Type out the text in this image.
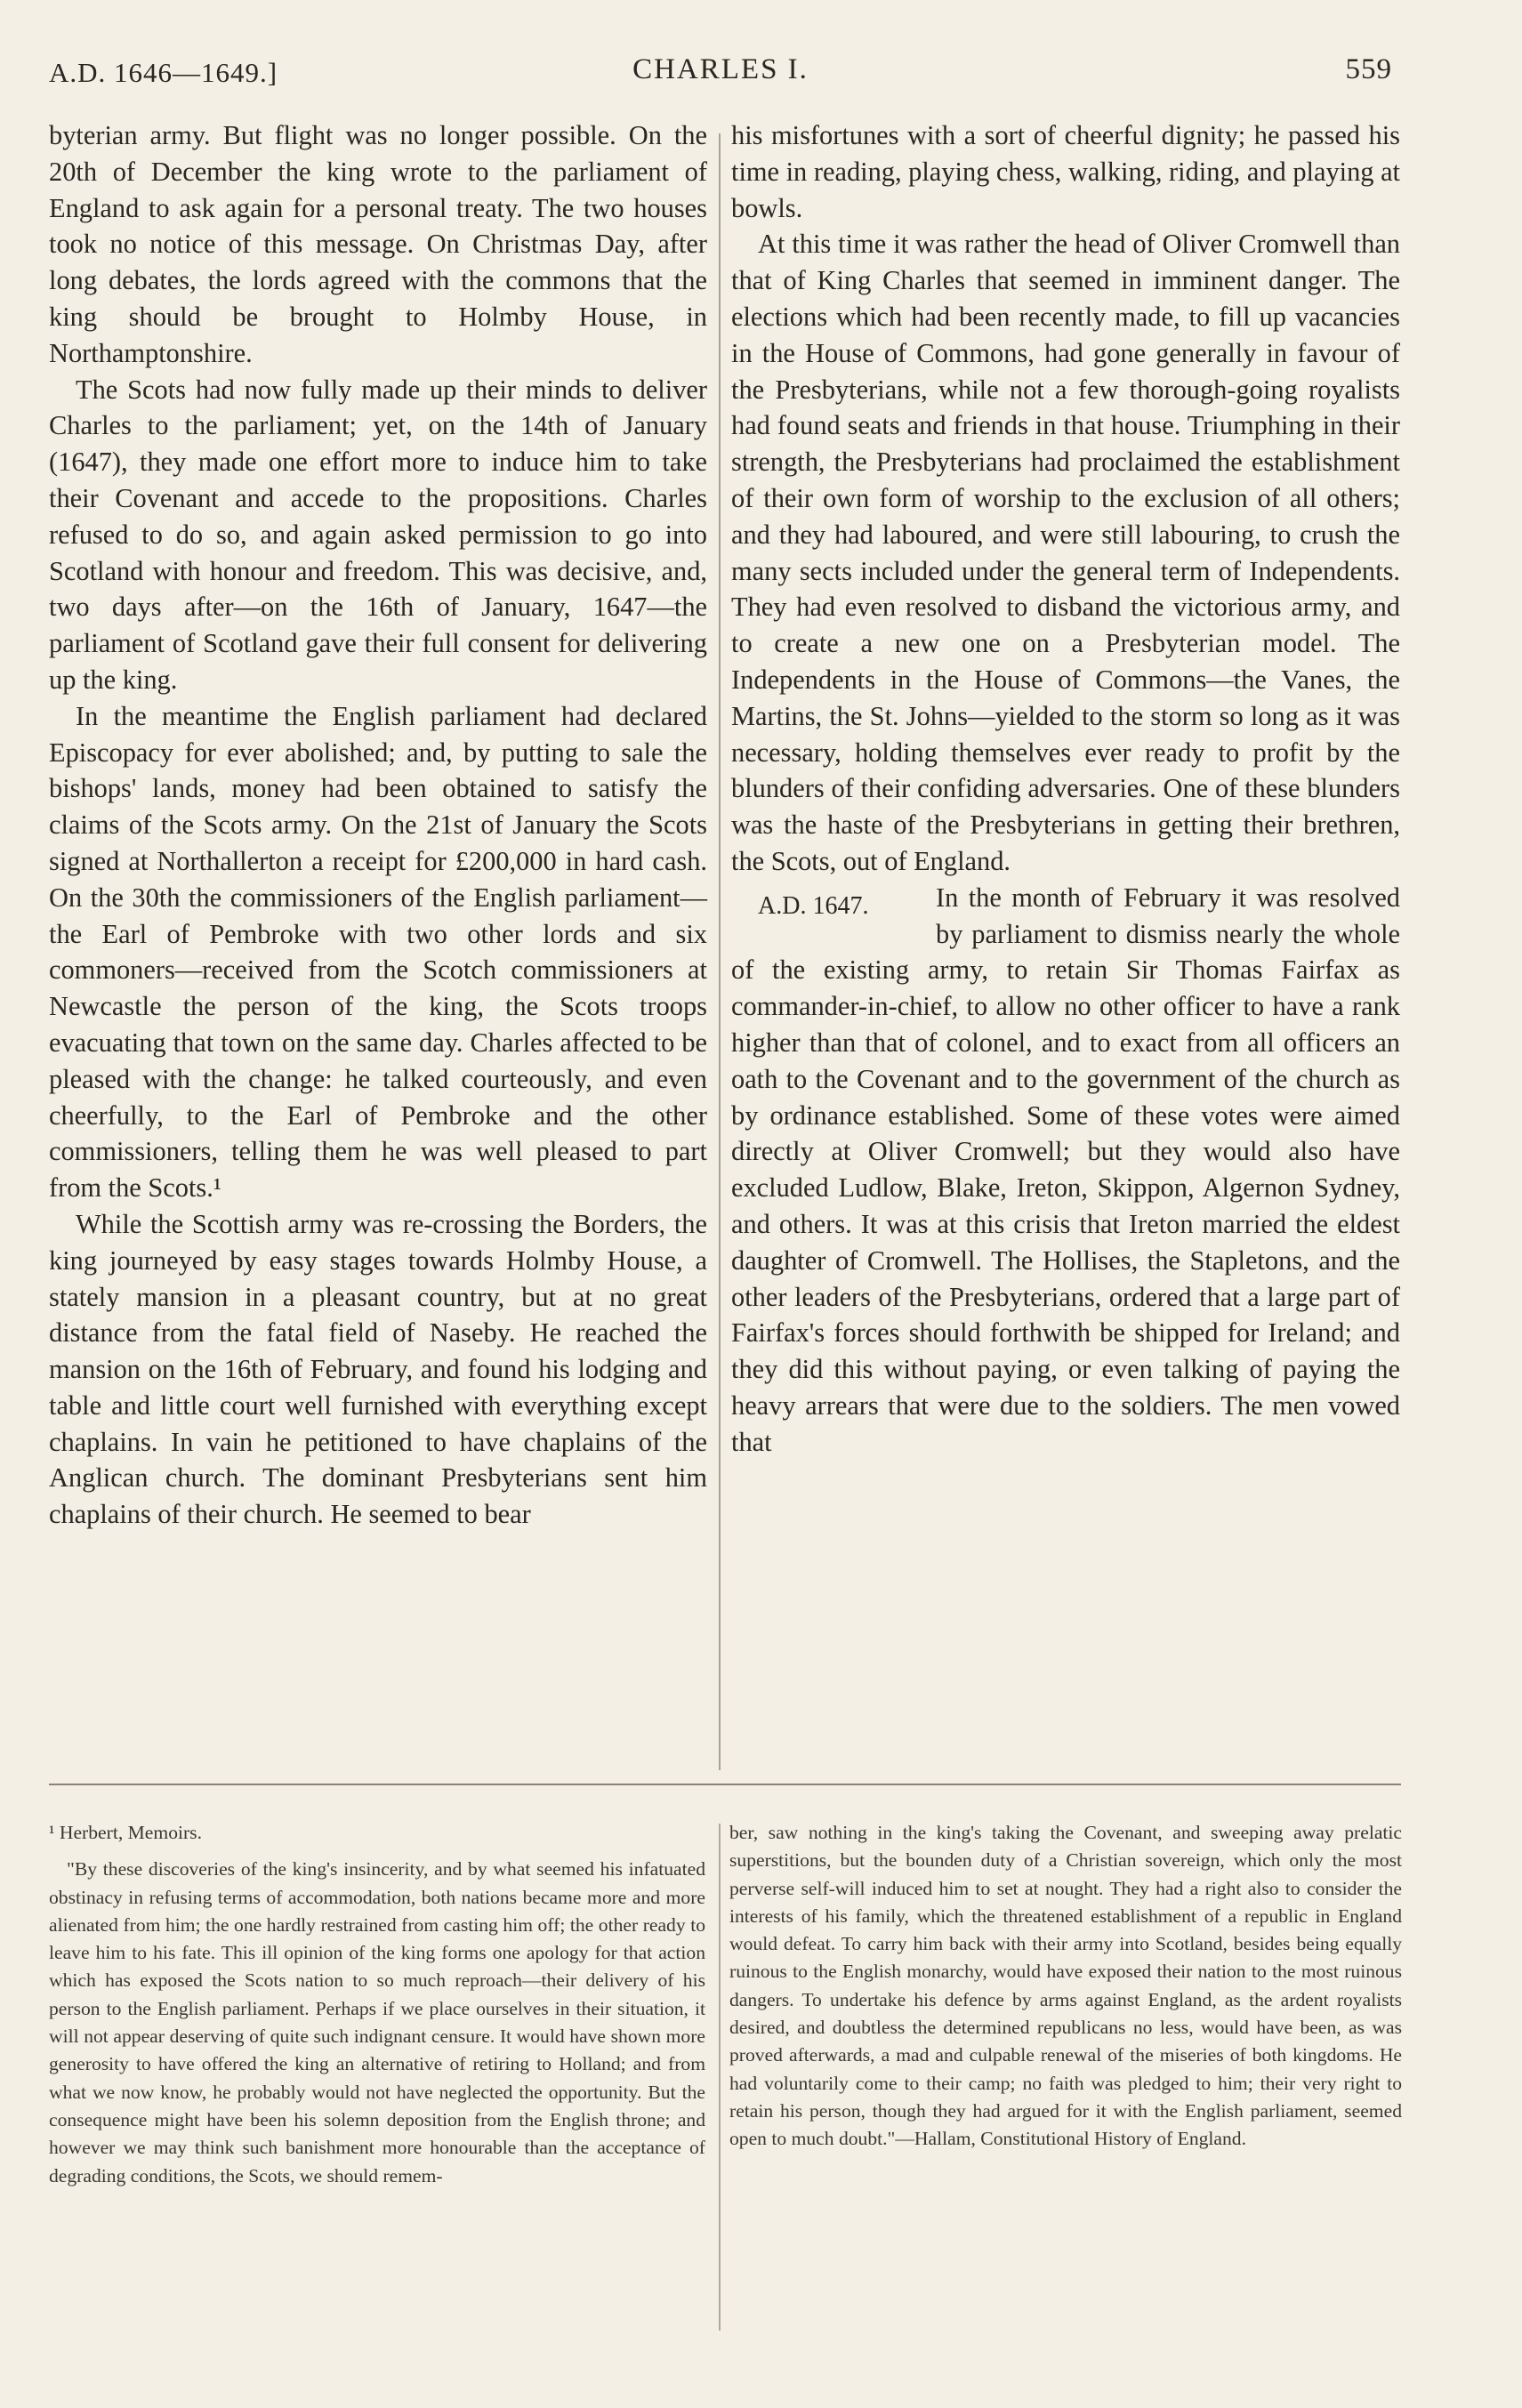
A.D. 1646—1649.]	CHARLES I.	559

byterian army. But flight was no longer possible. On the 20th of December the king wrote to the parliament of England to ask again for a personal treaty. The two houses took no notice of this message. On Christmas Day, after long debates, the lords agreed with the commons that the king should be brought to Holmby House, in Northamptonshire.

The Scots had now fully made up their minds to deliver Charles to the parliament; yet, on the 14th of January (1647), they made one effort more to induce him to take their Covenant and accede to the propositions. Charles refused to do so, and again asked permission to go into Scotland with honour and freedom. This was decisive, and, two days after—on the 16th of January, 1647—the parliament of Scotland gave their full consent for delivering up the king.

In the meantime the English parliament had declared Episcopacy for ever abolished; and, by putting to sale the bishops' lands, money had been obtained to satisfy the claims of the Scots army. On the 21st of January the Scots signed at Northallerton a receipt for £200,000 in hard cash. On the 30th the commissioners of the English parliament—the Earl of Pembroke with two other lords and six commoners—received from the Scotch commissioners at Newcastle the person of the king, the Scots troops evacuating that town on the same day. Charles affected to be pleased with the change: he talked courteously, and even cheerfully, to the Earl of Pembroke and the other commissioners, telling them he was well pleased to part from the Scots.¹

While the Scottish army was re-crossing the Borders, the king journeyed by easy stages towards Holmby House, a stately mansion in a pleasant country, but at no great distance from the fatal field of Naseby. He reached the mansion on the 16th of February, and found his lodging and table and little court well furnished with everything except chaplains. In vain he petitioned to have chaplains of the Anglican church. The dominant Presbyterians sent him chaplains of their church. He seemed to bear

his misfortunes with a sort of cheerful dignity; he passed his time in reading, playing chess, walking, riding, and playing at bowls.

At this time it was rather the head of Oliver Cromwell than that of King Charles that seemed in imminent danger. The elections which had been recently made, to fill up vacancies in the House of Commons, had gone generally in favour of the Presbyterians, while not a few thorough-going royalists had found seats and friends in that house. Triumphing in their strength, the Presbyterians had proclaimed the establishment of their own form of worship to the exclusion of all others; and they had laboured, and were still labouring, to crush the many sects included under the general term of Independents. They had even resolved to disband the victorious army, and to create a new one on a Presbyterian model. The Independents in the House of Commons—the Vanes, the Martins, the St. Johns—yielded to the storm so long as it was necessary, holding themselves ever ready to profit by the blunders of their confiding adversaries. One of these blunders was the haste of the Presbyterians in getting their brethren, the Scots, out of England.

A.D. 1647.	In the month of February it was resolved by parliament to dismiss nearly the whole of the existing army, to retain Sir Thomas Fairfax as commander-in-chief, to allow no other officer to have a rank higher than that of colonel, and to exact from all officers an oath to the Covenant and to the government of the church as by ordinance established. Some of these votes were aimed directly at Oliver Cromwell; but they would also have excluded Ludlow, Blake, Ireton, Skippon, Algernon Sydney, and others. It was at this crisis that Ireton married the eldest daughter of Cromwell. The Hollises, the Stapletons, and the other leaders of the Presbyterians, ordered that a large part of Fairfax's forces should forthwith be shipped for Ireland; and they did this without paying, or even talking of paying the heavy arrears that were due to the soldiers. The men vowed that

¹ Herbert, Memoirs.

"By these discoveries of the king's insincerity, and by what seemed his infatuated obstinacy in refusing terms of accommodation, both nations became more and more alienated from him; the one hardly restrained from casting him off; the other ready to leave him to his fate. This ill opinion of the king forms one apology for that action which has exposed the Scots nation to so much reproach—their delivery of his person to the English parliament. Perhaps if we place ourselves in their situation, it will not appear deserving of quite such indignant censure. It would have shown more generosity to have offered the king an alternative of retiring to Holland; and from what we now know, he probably would not have neglected the opportunity. But the consequence might have been his solemn deposition from the English throne; and however we may think such banishment more honourable than the acceptance of degrading conditions, the Scots, we should remem-

ber, saw nothing in the king's taking the Covenant, and sweeping away prelatic superstitions, but the bounden duty of a Christian sovereign, which only the most perverse self-will induced him to set at nought. They had a right also to consider the interests of his family, which the threatened establishment of a republic in England would defeat. To carry him back with their army into Scotland, besides being equally ruinous to the English monarchy, would have exposed their nation to the most ruinous dangers. To undertake his defence by arms against England, as the ardent royalists desired, and doubtless the determined republicans no less, would have been, as was proved afterwards, a mad and culpable renewal of the miseries of both kingdoms. He had voluntarily come to their camp; no faith was pledged to him; their very right to retain his person, though they had argued for it with the English parliament, seemed open to much doubt."—Hallam, Constitutional History of England.
